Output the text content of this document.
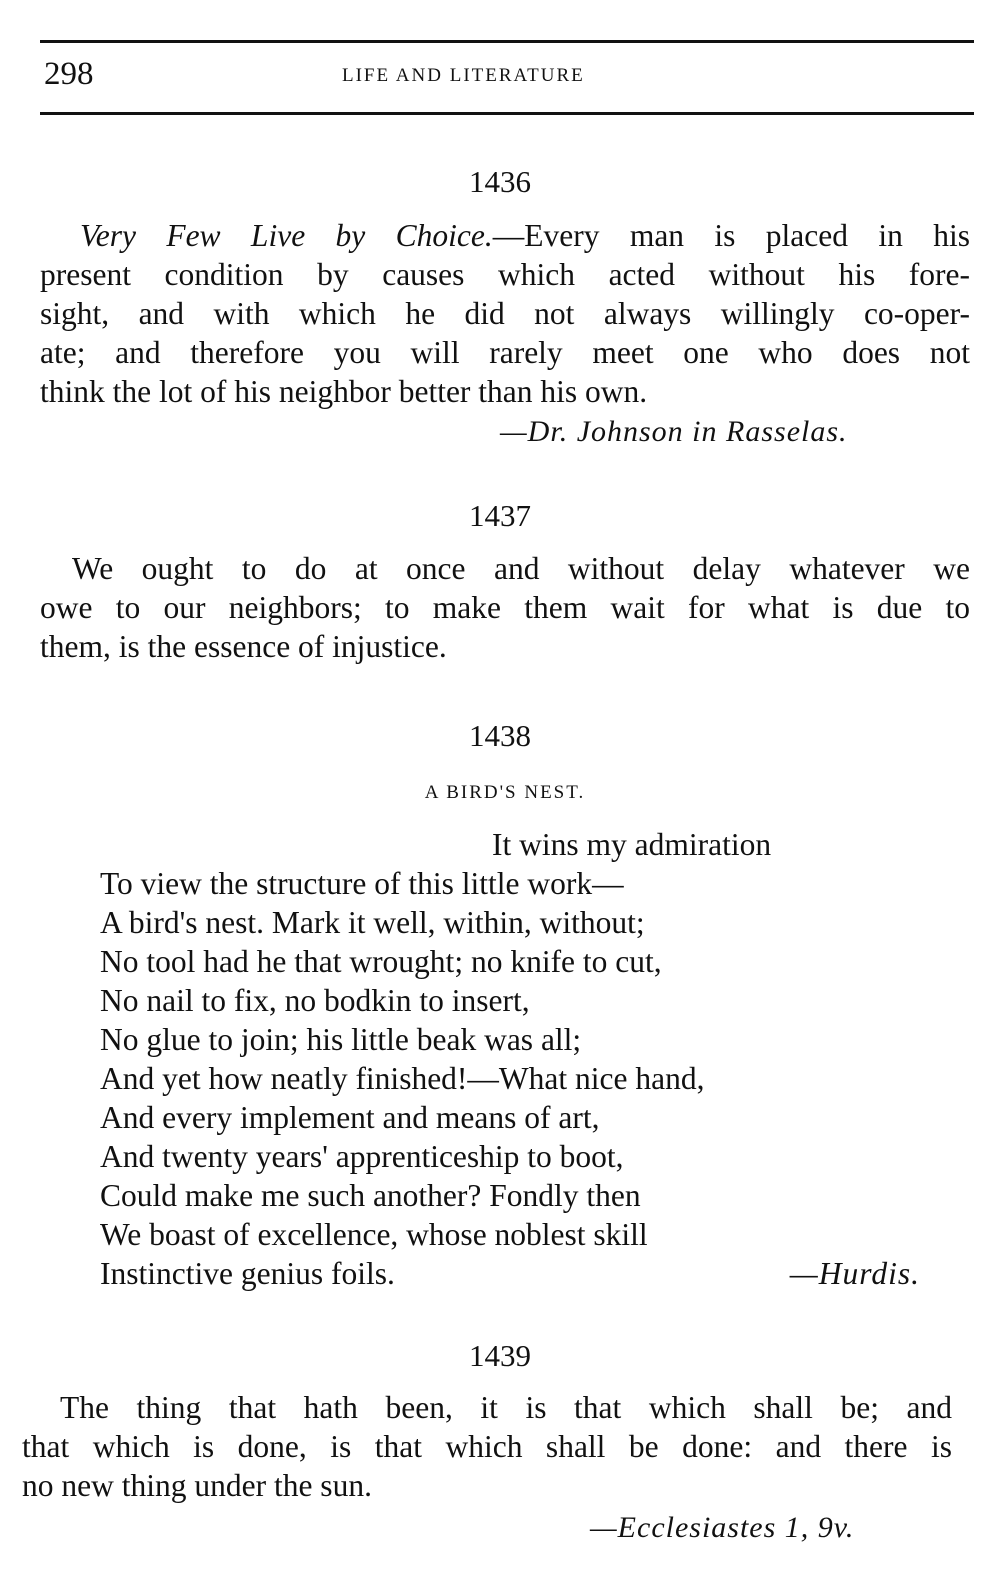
298	LIFE AND LITERATURE
1436
Very Few Live by Choice.—Every man is placed in his
present condition by causes which acted without his fore-
sight, and with which he did not always willingly co-oper-
ate; and therefore you will rarely meet one who does not
think the lot of his neighbor better than his own.
—Dr. Johnson in Rasselas.
1437
We ought to do at once and without delay whatever we
owe to our neighbors; to make them wait for what is due to
them, is the essence of injustice.
1438
A BIRD'S NEST.
It wins my admiration
To view the structure of this little work—
A bird's nest. Mark it well, within, without;
No tool had he that wrought; no knife to cut,
No nail to fix, no bodkin to insert,
No glue to join; his little beak was all;
And yet how neatly finished!—What nice hand,
And every implement and means of art,
And twenty years' apprenticeship to boot,
Could make me such another? Fondly then
We boast of excellence, whose noblest skill
Instinctive genius foils.	—Hurdis.
1439
The thing that hath been, it is that which shall be; and
that which is done, is that which shall be done: and there is
no new thing under the sun.
—Ecclesiastes 1, 9v.
